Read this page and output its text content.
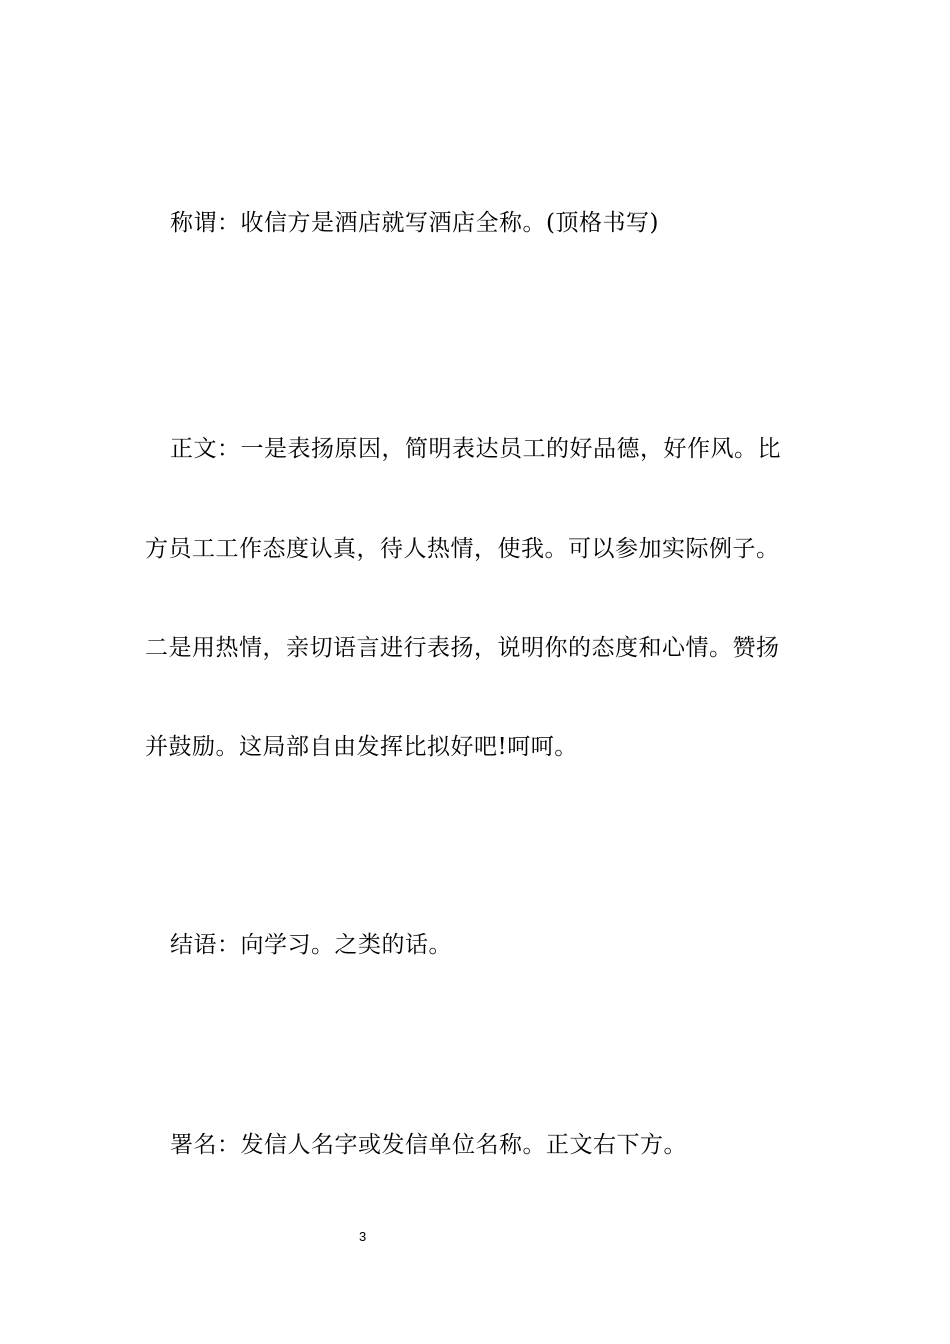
称谓：收信方是酒店就写酒店全称。(顶格书写)
正文：一是表扬原因，简明表达员工的好品德，好作风。比
方员工工作态度认真，待人热情，使我。可以参加实际例子。
二是用热情，亲切语言进行表扬，说明你的态度和心情。赞扬
并鼓励。这局部自由发挥比拟好吧!呵呵。
结语：向学习。之类的话。
署名：发信人名字或发信单位名称。正文右下方。
3
